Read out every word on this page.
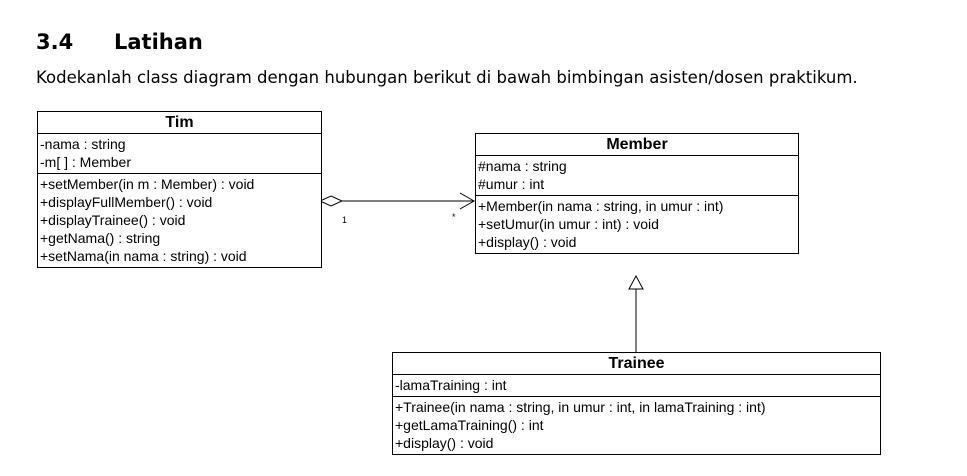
3.4 Latihan
Kodekanlah class diagram dengan hubungan berikut di bawah bimbingan asisten/dosen praktikum.
1	*
Tim
-nama : string
-m[ ] : Member
+setMember(in m : Member) : void
+displayFullMember() : void
+displayTrainee() : void
+getNama() : string
+setNama(in nama : string) : void
Member
#nama : string
#umur : int
+Member(in nama : string, in umur : int)
+setUmur(in umur : int) : void
+display() : void
Trainee
-lamaTraining : int
+Trainee(in nama : string, in umur : int, in lamaTraining : int)
+getLamaTraining() : int
+display() : void
